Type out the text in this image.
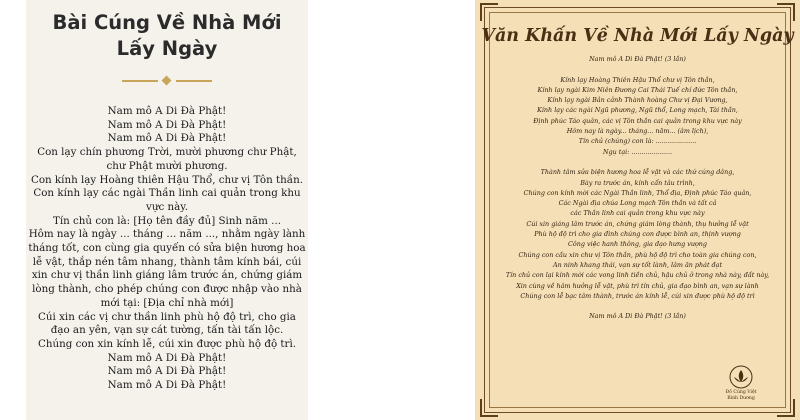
Bài Cúng Về Nhà Mới
Lấy Ngày
Nam mô A Di Đà Phật!
Nam mô A Di Đà Phật!
Nam mô A Di Đà Phật!
Con lạy chín phương Trời, mười phương chư Phật,
chư Phật mười phương.
Con kính lạy Hoàng thiên Hậu Thổ, chư vị Tôn thần.
Con kính lạy các ngài Thần linh cai quản trong khu
vực này.
Tín chủ con là: [Họ tên đầy đủ] Sinh năm ...
Hôm nay là ngày ... tháng ... năm ..., nhằm ngày lành
tháng tốt, con cùng gia quyến có sửa biện hương hoa
lễ vật, thắp nén tâm nhang, thành tâm kính bái, cúi
xin chư vị thần linh giáng lâm trước án, chứng giám
lòng thành, cho phép chúng con được nhập vào nhà
mới tại: [Địa chỉ nhà mới]
Cúi xin các vị chư thần linh phù hộ độ trì, cho gia
đạo an yên, vạn sự cát tường, tấn tài tấn lộc.
Chúng con xin kính lễ, cúi xin được phù hộ độ trì.
Nam mô A Di Đà Phật!
Nam mô A Di Đà Phật!
Nam mô A Di Đà Phật!
Văn Khấn Về Nhà Mới Lấy Ngày
Nam mô A Di Đà Phật! (3 lần)
Kính lạy Hoàng Thiên Hậu Thổ chư vị Tôn thần,
Kính lạy ngài Kim Niên Đương Cai Thái Tuế chí đức Tôn thần,
Kính lạy ngài Bản cảnh Thành hoàng Chư vị Đại Vương,
Kính lạy các ngài Ngũ phương, Ngũ thổ, Long mạch, Tài thần,
Định phúc Táo quân, các vị Tôn thần cai quản trong khu vực này
Hôm nay là ngày... tháng... năm... (âm lịch),
Tín chủ (chúng) con là: ....................
Ngụ tại: ....................
Thành tâm sửa biện hương hoa lễ vật và các thứ cúng dâng,
Bày ra trước án, kính cẩn tâu trình,
Chúng con kính mời các Ngài Thần linh, Thổ địa, Định phúc Táo quân,
Các Ngài địa chúa Long mạch Tôn thần và tất cả
các Thần linh cai quản trong khu vực này
Cúi xin giáng lâm trước án, chứng giám lòng thành, thụ hưởng lễ vật
Phù hộ độ trì cho gia đình chúng con được bình an, thịnh vượng
Công việc hanh thông, gia đạo hưng vượng
Chúng con cầu xin chư vị Tôn thần, phù hộ độ trì cho toàn gia chúng con,
An ninh khang thái, vạn sự tốt lành, lâm ăn phát đạt
Tín chủ con lại kính mời các vong linh tiền chủ, hậu chủ ở trong nhà này, đất này,
Xin cùng về hâm hưởng lễ vật, phù trì tín chủ, gia đạo bình an, vạn sự lành
Chúng con lễ bạc tâm thành, trước án kính lễ, cúi xin được phù hộ độ trì
Nam mô A Di Đà Phật! (3 lần)
Đồ Cúng Việt
Bình Dương
